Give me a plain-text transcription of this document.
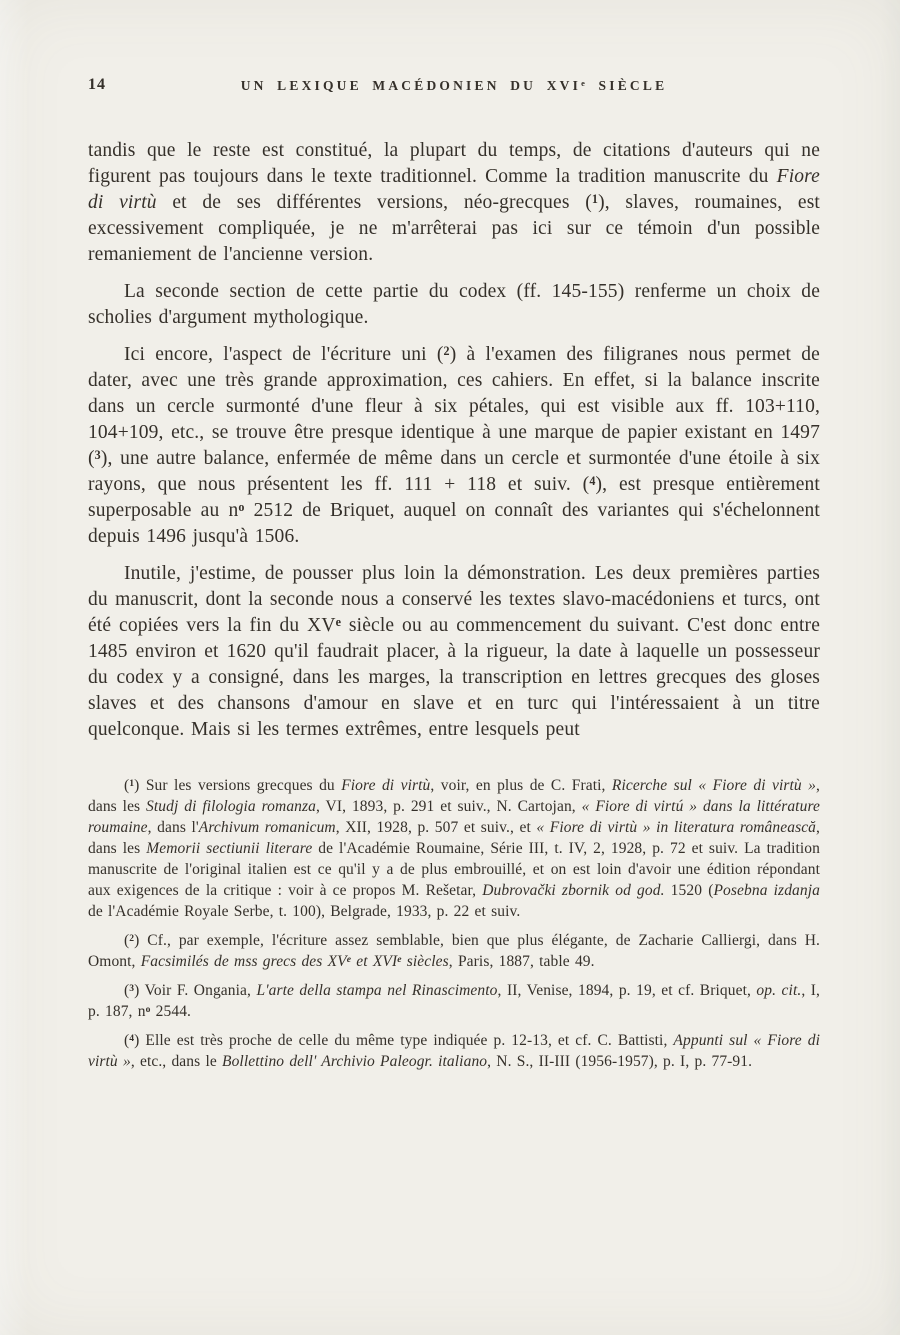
14	UN LEXIQUE MACÉDONIEN DU XVIe SIÈCLE

tandis que le reste est constitué, la plupart du temps, de citations d'auteurs qui ne figurent pas toujours dans le texte traditionnel. Comme la tradition manuscrite du Fiore di virtù et de ses différentes versions, néo-grecques ($^1$), slaves, roumaines, est excessivement compliquée, je ne m'arrêterai pas ici sur ce témoin d'un possible remaniement de l'ancienne version.

La seconde section de cette partie du codex (ff. 145-155) renferme un choix de scholies d'argument mythologique.

Ici encore, l'aspect de l'écriture uni ($^2$) à l'examen des filigranes nous permet de dater, avec une très grande approximation, ces cahiers. En effet, si la balance inscrite dans un cercle surmonté d'une fleur à six pétales, qui est visible aux ff. 103+110, 104+109, etc., se trouve être presque identique à une marque de papier existant en 1497 ($^3$), une autre balance, enfermée de même dans un cercle et surmontée d'une étoile à six rayons, que nous présentent les ff. 111 + 118 et suiv. ($^4$), est presque entièrement superposable au $n^o$ 2512 de Briquet, auquel on connaît des variantes qui s'échelonnent depuis 1496 jusqu'à 1506.

Inutile, j'estime, de pousser plus loin la démonstration. Les deux premières parties du manuscrit, dont la seconde nous a conservé les textes slavo-macédoniens et turcs, ont été copiées vers la fin du XVe siècle ou au commencement du suivant. C'est donc entre 1485 environ et 1620 qu'il faudrait placer, à la rigueur, la date à laquelle un possesseur du codex y a consigné, dans les marges, la transcription en lettres grecques des gloses slaves et des chansons d'amour en slave et en turc qui l'intéressaient à un titre quelconque. Mais si les termes extrêmes, entre lesquels peut

($^1$) Sur les versions grecques du Fiore di virtù, voir, en plus de C. Frati, Ricerche sul « Fiore di virtù », dans les Studj di filologia romanza, VI, 1893, p. 291 et suiv., N. Cartojan, « Fiore di virtú » dans la littérature roumaine, dans l'Archivum romanicum, XII, 1928, p. 507 et suiv., et « Fiore di virtù » in literatura românească, dans les Memorii sectiunii literare de l'Académie Roumaine, Série III, t. IV, 2, 1928, p. 72 et suiv. La tradition manuscrite de l'original italien est ce qu'il y a de plus embrouillé, et on est loin d'avoir une édition répondant aux exigences de la critique : voir à ce propos M. Rešetar, Dubrovački zbornik od god. 1520 (Posebna izdanja de l'Académie Royale Serbe, t. 100), Belgrade, 1933, p. 22 et suiv.

($^2$) Cf., par exemple, l'écriture assez semblable, bien que plus élégante, de Zacharie Calliergi, dans H. Omont, Facsimilés de mss grecs des XVe et XVIe siècles, Paris, 1887, table 49.

($^3$) Voir F. Ongania, L'arte della stampa nel Rinascimento, II, Venise, 1894, p. 19, et cf. Briquet, op. cit., I, p. 187, $n^o$ 2544.

($^4$) Elle est très proche de celle du même type indiquée p. 12-13, et cf. C. Battisti, Appunti sul « Fiore di virtù », etc., dans le Bollettino dell' Archivio Paleogr. italiano, N. S., II-III (1956-1957), p. I, p. 77-91.
